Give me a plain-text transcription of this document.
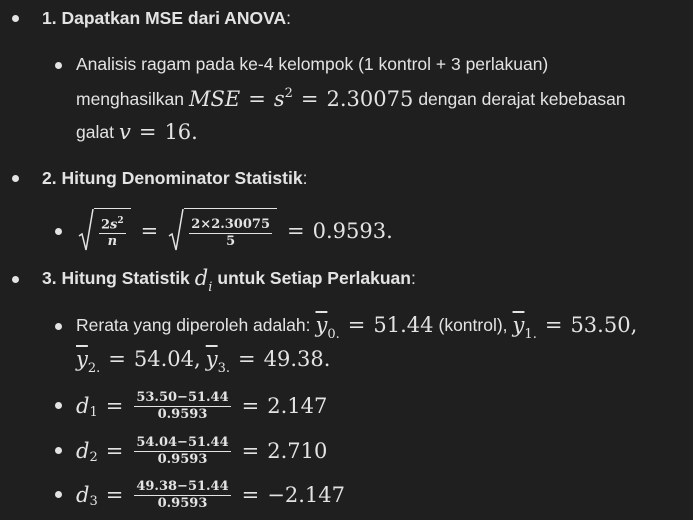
1. Dapatkan MSE dari ANOVA :
Analisis ragam pada ke-4 kelompok (1 kontrol + 3 perlakuan)
menghasilkan MSE = $s^2 = 2.30075$ dengan derajat kebebasan
galat v = 16.
2. Hitung Denominator Statistik :
$\frac{2s^2}{n} = \frac{2\times 2.30075}{5} = 0.9593$ .
3. Hitung Statistik $d_i$ untuk Setiap Perlakuan :
Rerata yang diperoleh adalah: $\overline{y}_{0.} = 51.44$ (kontrol), $\overline{y}_{1.} = 53.50$,
$\overline{y}_{2.} = 54.04$, $\overline{y}_{3.} = 49.38$.
d $1 = \frac{53.50-51.44}{0.9593} = 2.147$
d $2 = \frac{54.04-51.44}{0.9593} = 2.710$
d $3 = \frac{49.38-51.44}{0.9593} = -2.147$
